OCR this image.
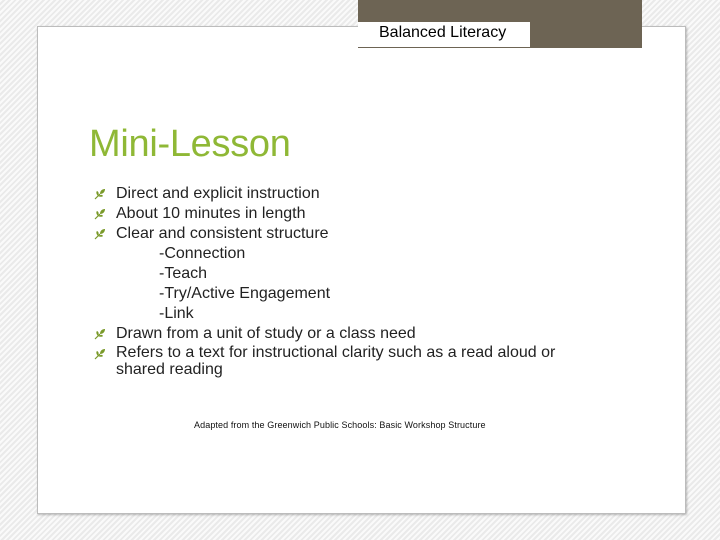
Balanced Literacy
Mini-Lesson
Direct and explicit instruction
About 10 minutes in length
Clear and consistent structure
-Connection
-Teach
-Try/Active Engagement
-Link
Drawn from a unit of study or a class need
Refers to a text for instructional clarity such as a read aloud or shared reading
Adapted from the Greenwich Public Schools: Basic Workshop Structure
